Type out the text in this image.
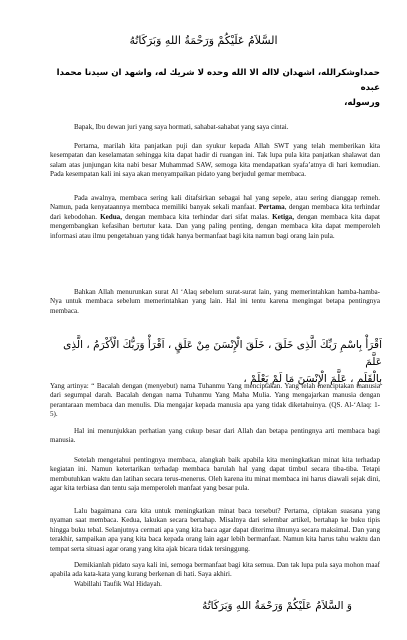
السَّلاَمُ عَلَيْكُمْ وَرَحْمَةُ اللهِ وَبَرَكَاتُهُ
حمداوشكرالله، اشهدان لااله الا الله وحده لا شريك له، واشهد ان سيدنا محمدا عبده
ورسوله،
Bapak, Ibu dewan juri yang saya hormati, sahabat-sahabat yang saya cintai.
Pertama, marilah kita panjatkan puji dan syukur kepada Allah SWT yang telah memberikan kita kesempatan dan keselamatan sehingga kita dapat hadir di ruangan ini. Tak lupa pula kita panjatkan shalawat dan salam atas junjungan kita nabi besar Muhammad SAW, semoga kita mendapatkan syafa’atnya di hari kemudian. Pada kesempatan kali ini saya akan menyampaikan pidato yang berjudul gemar membaca.
Pada awalnya, membaca sering kali ditafsirkan sebagai hal yang sepele, atau sering dianggap remeh. Namun, pada kenyataannya membaca memiliki banyak sekali manfaat. Pertama, dengan membaca kita terhindar dari kebodohan. Kedua, dengan membaca kita terhindar dari sifat malas. Ketiga, dengan membaca kita dapat mengembangkan kefasihan bertutur kata. Dan yang paling penting, dengan membaca kita dapat memperoleh informasi atau ilmu pengetahuan yang tidak hanya bermanfaat bagi kita namun bagi orang lain pula.
Bahkan Allah menurunkan surat Al ‘Alaq sebelum surat-surat lain, yang memerintahkan hamba-hamba-Nya untuk membaca sebelum memerintahkan yang lain. Hal ini tentu karena mengingat betapa pentingnya membaca.
اَقْرَأْ بِاسْمِ رَبِّكَ الَّذِى خَلَقَ ، خَلَقَ الْإِنْسَنَ مِنْ عَلَقٍ ، اَقْرَأْ وَرَبُّكَ الْأَكْرَمُ ، الَّذِى عَلَّمَ
بِالْقَلَمِ ، عَلَّمَ الْإِنْسَنَ مَا لَمْ يَعْلَمْ ،
Yang artinya: “ Bacalah dengan (menyebut) nama Tuhanmu Yang menciptakan. Yang telah menciptakan manusia dari segumpal darah. Bacalah dengan nama Tuhanmu Yang Maha Mulia. Yang mengajarkan manusia dengan perantaraan membaca dan menulis. Dia mengajar kepada manusia apa yang tidak diketahuinya. (QS. Al-‘Alaq: 1-5).
Hal ini menunjukkan perhatian yang cukup besar dari Allah dan betapa pentingnya arti membaca bagi manusia.
Setelah mengetahui pentingnya membaca, alangkah baik apabila kita meningkatkan minat kita terhadap kegiatan ini. Namun ketertarikan terhadap membaca barulah hal yang dapat timbul secara tiba-tiba. Tetapi membutuhkan waktu dan latihan secara terus-menerus. Oleh karena itu minat membaca ini harus diawali sejak dini, agar kita terbiasa dan tentu saja memperoleh manfaat yang besar pula.
Lalu bagaimana cara kita untuk meningkatkan minat baca tersebut? Pertama, ciptakan suasana yang nyaman saat membaca. Kedua, lakukan secara bertahap. Misalnya dari selembar artikel, bertahap ke buku tipis hingga buku tebal. Selanjutnya cermati apa yang kita baca agar dapat diterima ilmunya secara maksimal. Dan yang terakhir, sampaikan apa yang kita baca kepada orang lain agar lebih bermanfaat. Namun kita harus tahu waktu dan tempat serta situasi agar orang yang kita ajak bicara tidak tersinggung.
Demikianlah pidato saya kali ini, semoga bermanfaat bagi kita semua. Dan tak lupa pula saya mohon maaf apabila ada kata-kata yang kurang berkenan di hati. Saya akhiri.
Wabillahi Taufik Wal Hidayah.
وَ السَّلاَمُ عَلَيْكُمْ وَرَحْمَةُ اللهِ وَبَرَكَاتُهُ
